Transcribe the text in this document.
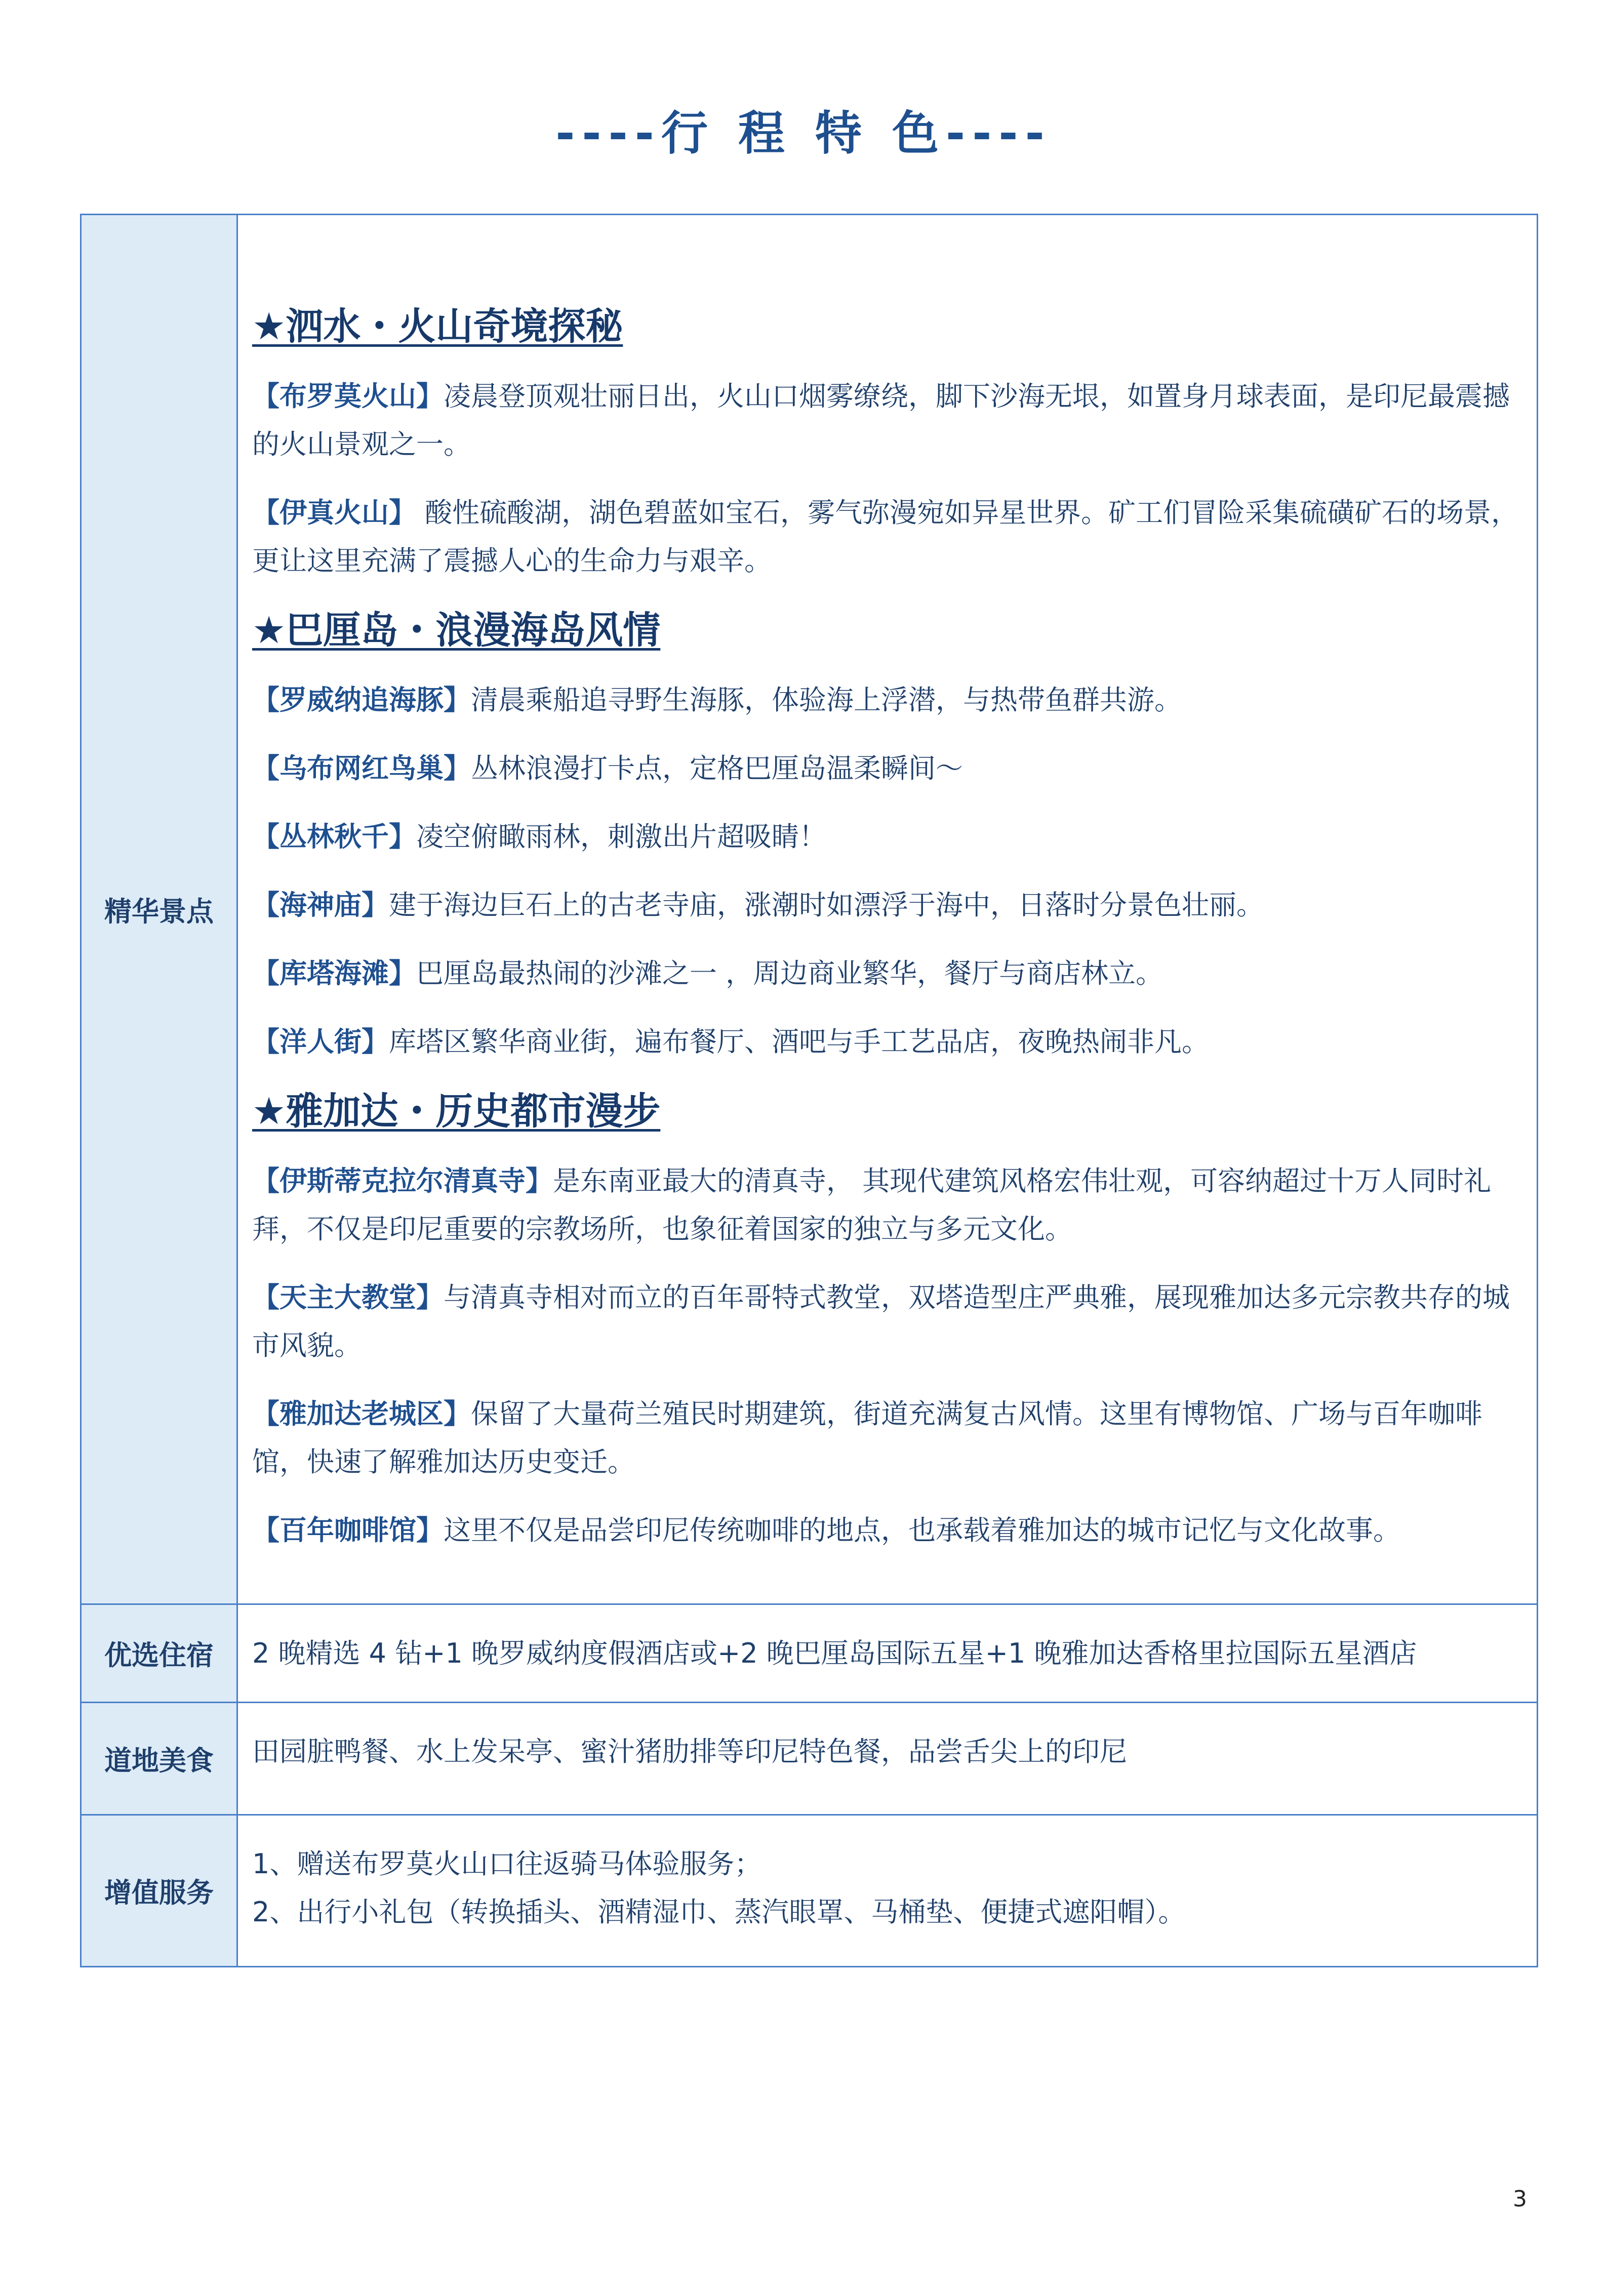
----行 程 特 色----
精华景点
★泗水・火山奇境探秘
【布罗莫火山】凌晨登顶观壮丽日出，火山口烟雾缭绕，脚下沙海无垠，如置身月球表面，是印尼最震撼的火山景观之一。
【伊真火山】 酸性硫酸湖，湖色碧蓝如宝石，雾气弥漫宛如异星世界。矿工们冒险采集硫磺矿石的场景，更让这里充满了震撼人心的生命力与艰辛。
★巴厘岛・浪漫海岛风情
【罗威纳追海豚】清晨乘船追寻野生海豚，体验海上浮潜，与热带鱼群共游。
【乌布网红鸟巢】丛林浪漫打卡点，定格巴厘岛温柔瞬间～
【丛林秋千】凌空俯瞰雨林，刺激出片超吸睛！
【海神庙】建于海边巨石上的古老寺庙，涨潮时如漂浮于海中，日落时分景色壮丽。
【库塔海滩】巴厘岛最热闹的沙滩之一 ，周边商业繁华，餐厅与商店林立。
【洋人街】库塔区繁华商业街，遍布餐厅、酒吧与手工艺品店，夜晚热闹非凡。
★雅加达・历史都市漫步
【伊斯蒂克拉尔清真寺】是东南亚最大的清真寺， 其现代建筑风格宏伟壮观，可容纳超过十万人同时礼拜，不仅是印尼重要的宗教场所，也象征着国家的独立与多元文化。
【天主大教堂】与清真寺相对而立的百年哥特式教堂，双塔造型庄严典雅，展现雅加达多元宗教共存的城市风貌。
【雅加达老城区】保留了大量荷兰殖民时期建筑，街道充满复古风情。这里有博物馆、广场与百年咖啡馆，快速了解雅加达历史变迁。
【百年咖啡馆】这里不仅是品尝印尼传统咖啡的地点，也承载着雅加达的城市记忆与文化故事。
优选住宿	2 晚精选 4 钻+1 晚罗威纳度假酒店或+2 晚巴厘岛国际五星+1 晚雅加达香格里拉国际五星酒店
道地美食	田园脏鸭餐、水上发呆亭、蜜汁猪肋排等印尼特色餐，品尝舌尖上的印尼
增值服务
1、赠送布罗莫火山口往返骑马体验服务；
2、出行小礼包（转换插头、酒精湿巾、蒸汽眼罩、马桶垫、便捷式遮阳帽）。
3
